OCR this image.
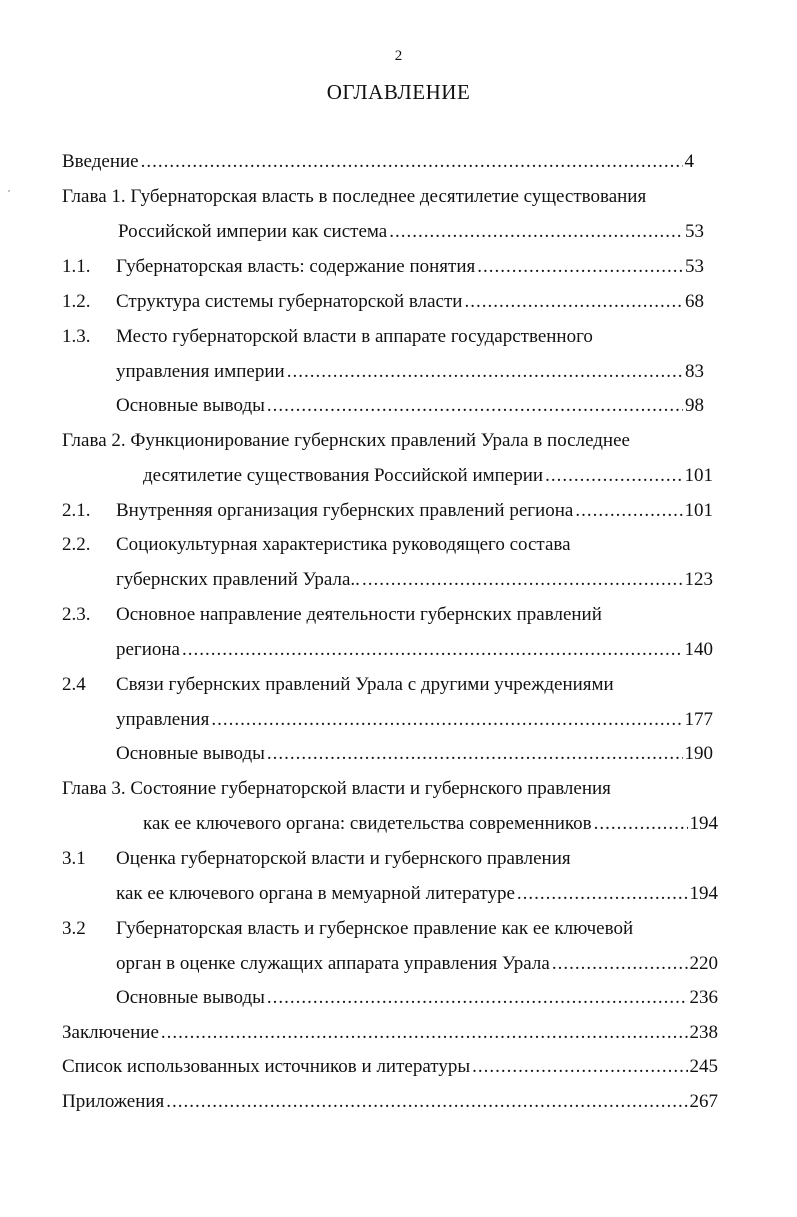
2
ОГЛАВЛЕНИЕ
Введение .....	4
Глава 1. Губернаторская власть в последнее десятилетие существования
Российской империи как система .....	53
1.1. Губернаторская власть: содержание понятия .....	53
1.2. Структура системы губернаторской власти .....	68
1.3. Место губернаторской власти в аппарате государственного
управления империи .....	83
Основные выводы .....	98
Глава 2. Функционирование губернских правлений Урала в последнее
десятилетие существования Российской империи .....	101
2.1. Внутренняя организация губернских правлений региона .....	101
2.2. Социокультурная характеристика руководящего состава
губернских правлений Урала.. .....	123
2.3. Основное направление деятельности губернских правлений
региона .....	140
2.4 Связи губернских правлений Урала с другими учреждениями
управления .....	177
Основные выводы .....	190
Глава 3. Состояние губернаторской власти и губернского правления
как ее ключевого органа: свидетельства современников .....	194
3.1 Оценка губернаторской власти и губернского правления
как ее ключевого органа в мемуарной литературе .....	194
3.2 Губернаторская власть и губернское правление как ее ключевой
орган в оценке служащих аппарата управления Урала .....	220
Основные выводы .....	236
Заключение .....	238
Список использованных источников и литературы .....	245
Приложения .....	267
